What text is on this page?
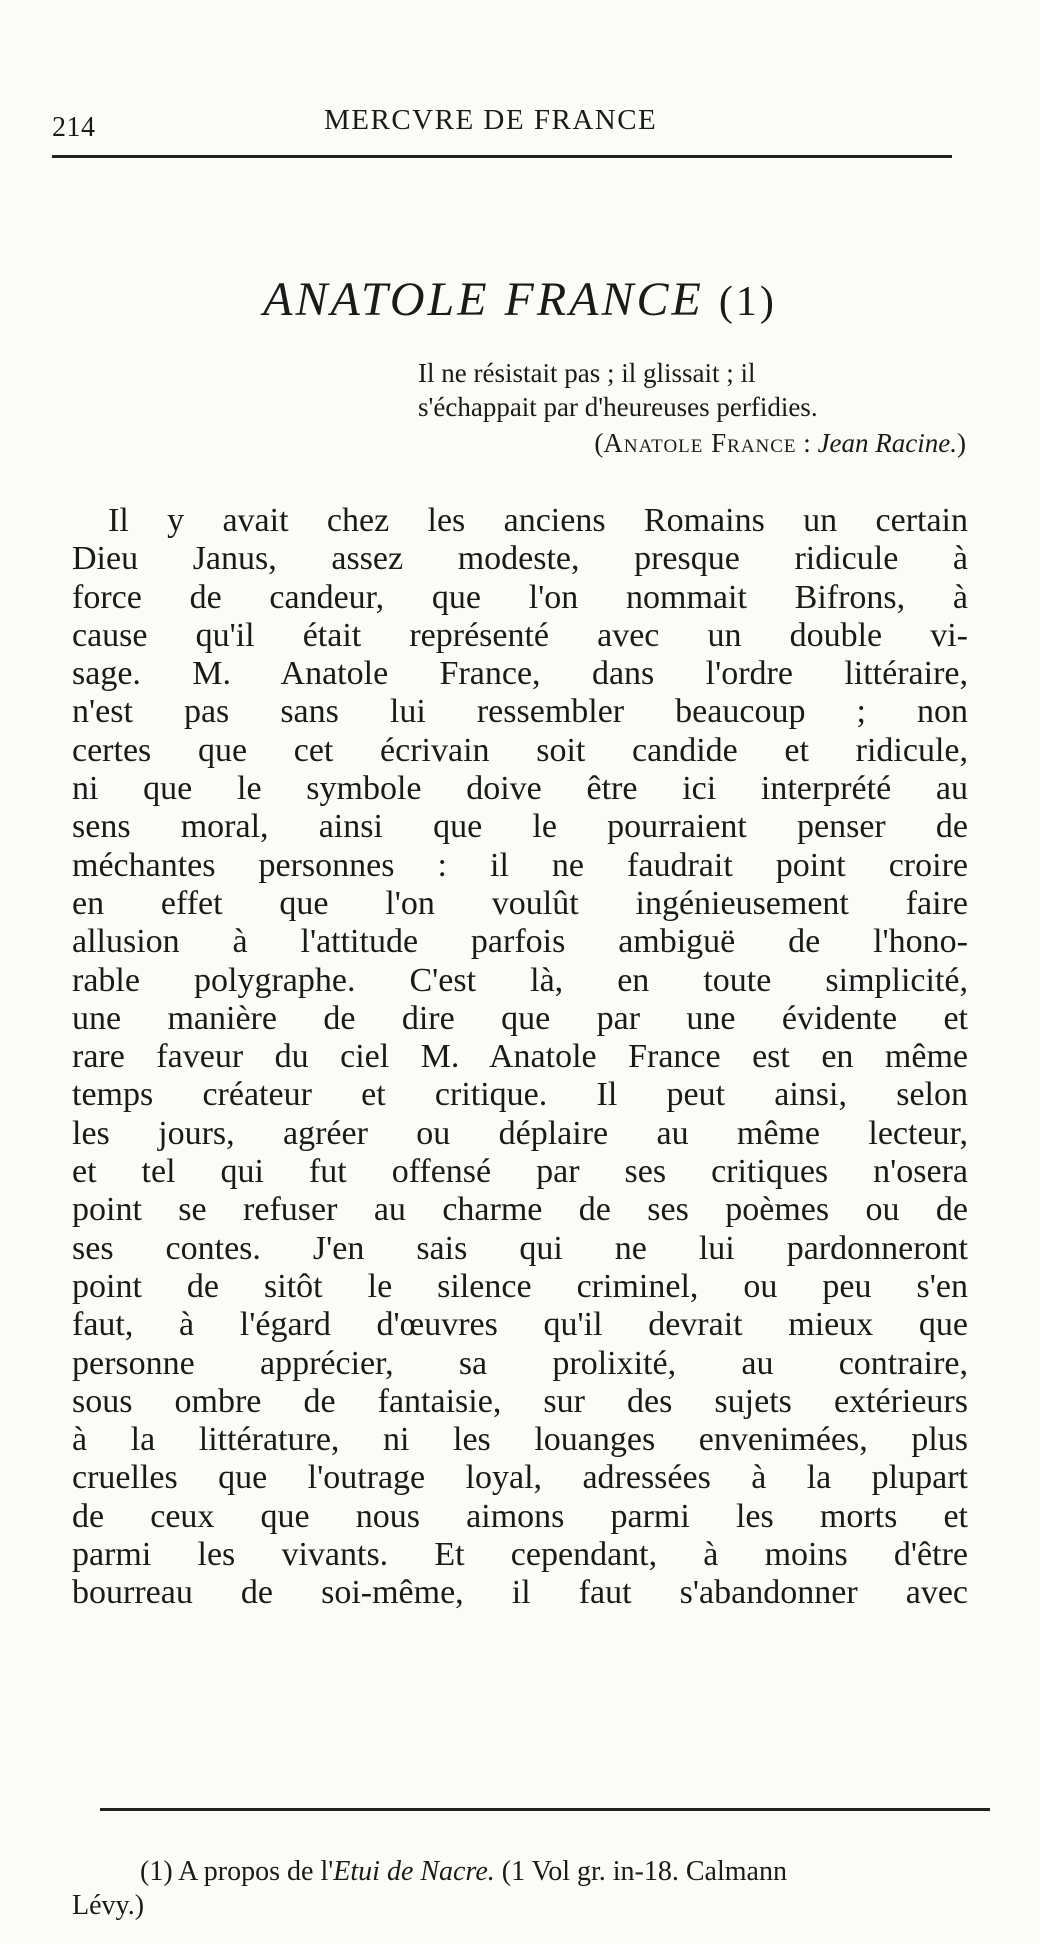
214	MERCVRE DE FRANCE
ANATOLE FRANCE (1)
Il ne résistait pas ; il glissait ; il
s'échappait par d'heureuses perfidies.
(Anatole France : Jean Racine.)
Il y avait chez les anciens Romains un certain
Dieu Janus, assez modeste, presque ridicule à
force de candeur, que l'on nommait Bifrons, à
cause qu'il était représenté avec un double vi-
sage. M. Anatole France, dans l'ordre littéraire,
n'est pas sans lui ressembler beaucoup ; non
certes que cet écrivain soit candide et ridicule,
ni que le symbole doive être ici interprété au
sens moral, ainsi que le pourraient penser de
méchantes personnes : il ne faudrait point croire
en effet que l'on voulût ingénieusement faire
allusion à l'attitude parfois ambiguë de l'hono-
rable polygraphe. C'est là, en toute simplicité,
une manière de dire que par une évidente et
rare faveur du ciel M. Anatole France est en même
temps créateur et critique. Il peut ainsi, selon
les jours, agréer ou déplaire au même lecteur,
et tel qui fut offensé par ses critiques n'osera
point se refuser au charme de ses poèmes ou de
ses contes. J'en sais qui ne lui pardonneront
point de sitôt le silence criminel, ou peu s'en
faut, à l'égard d'œuvres qu'il devrait mieux que
personne apprécier, sa prolixité, au contraire,
sous ombre de fantaisie, sur des sujets extérieurs
à la littérature, ni les louanges envenimées, plus
cruelles que l'outrage loyal, adressées à la plupart
de ceux que nous aimons parmi les morts et
parmi les vivants. Et cependant, à moins d'être
bourreau de soi-même, il faut s'abandonner avec
(1) A propos de l'Etui de Nacre. (1 Vol gr. in-18. Calmann
Lévy.)
